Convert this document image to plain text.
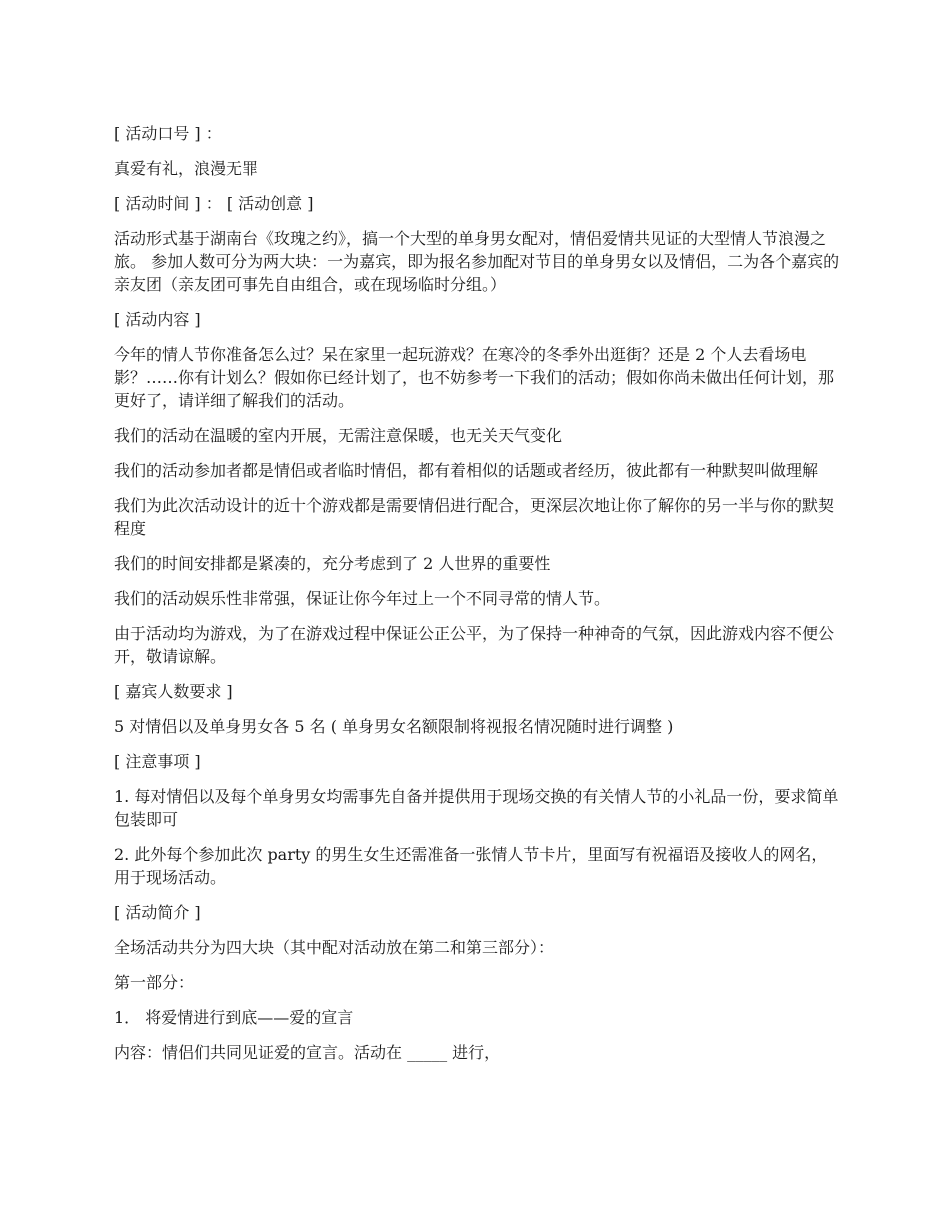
[ 活动口号 ] ：

真爱有礼，浪漫无罪

[ 活动时间 ] ： [ 活动创意 ]

活动形式基于湖南台《玫瑰之约》，搞一个大型的单身男女配对，情侣爱情共见证的大型情人节浪漫之旅。 参加人数可分为两大块：一为嘉宾，即为报名参加配对节目的单身男女以及情侣，二为各个嘉宾的亲友团（亲友团可事先自由组合，或在现场临时分组。）

[ 活动内容 ]

今年的情人节你准备怎么过？呆在家里一起玩游戏？在寒冷的冬季外出逛街？还是 2 个人去看场电影？……你有计划么？假如你已经计划了，也不妨参考一下我们的活动；假如你尚未做出任何计划，那更好了，请详细了解我们的活动。

我们的活动在温暖的室内开展，无需注意保暖，也无关天气变化

我们的活动参加者都是情侣或者临时情侣，都有着相似的话题或者经历，彼此都有一种默契叫做理解

我们为此次活动设计的近十个游戏都是需要情侣进行配合，更深层次地让你了解你的另一半与你的默契程度

我们的时间安排都是紧凑的，充分考虑到了 2 人世界的重要性

我们的活动娱乐性非常强，保证让你今年过上一个不同寻常的情人节。

由于活动均为游戏，为了在游戏过程中保证公正公平，为了保持一种神奇的气氛，因此游戏内容不便公开，敬请谅解。

[ 嘉宾人数要求 ]

5 对情侣以及单身男女各 5 名 ( 单身男女名额限制将视报名情况随时进行调整 )

[ 注意事项 ]

1. 每对情侣以及每个单身男女均需事先自备并提供用于现场交换的有关情人节的小礼品一份，要求简单包装即可

2. 此外每个参加此次 party 的男生女生还需准备一张情人节卡片，里面写有祝福语及接收人的网名，用于现场活动。

[ 活动简介 ]

全场活动共分为四大块（其中配对活动放在第二和第三部分）：

第一部分：

1． 将爱情进行到底——爱的宣言

内容：情侣们共同见证爱的宣言。活动在 _____ 进行，
